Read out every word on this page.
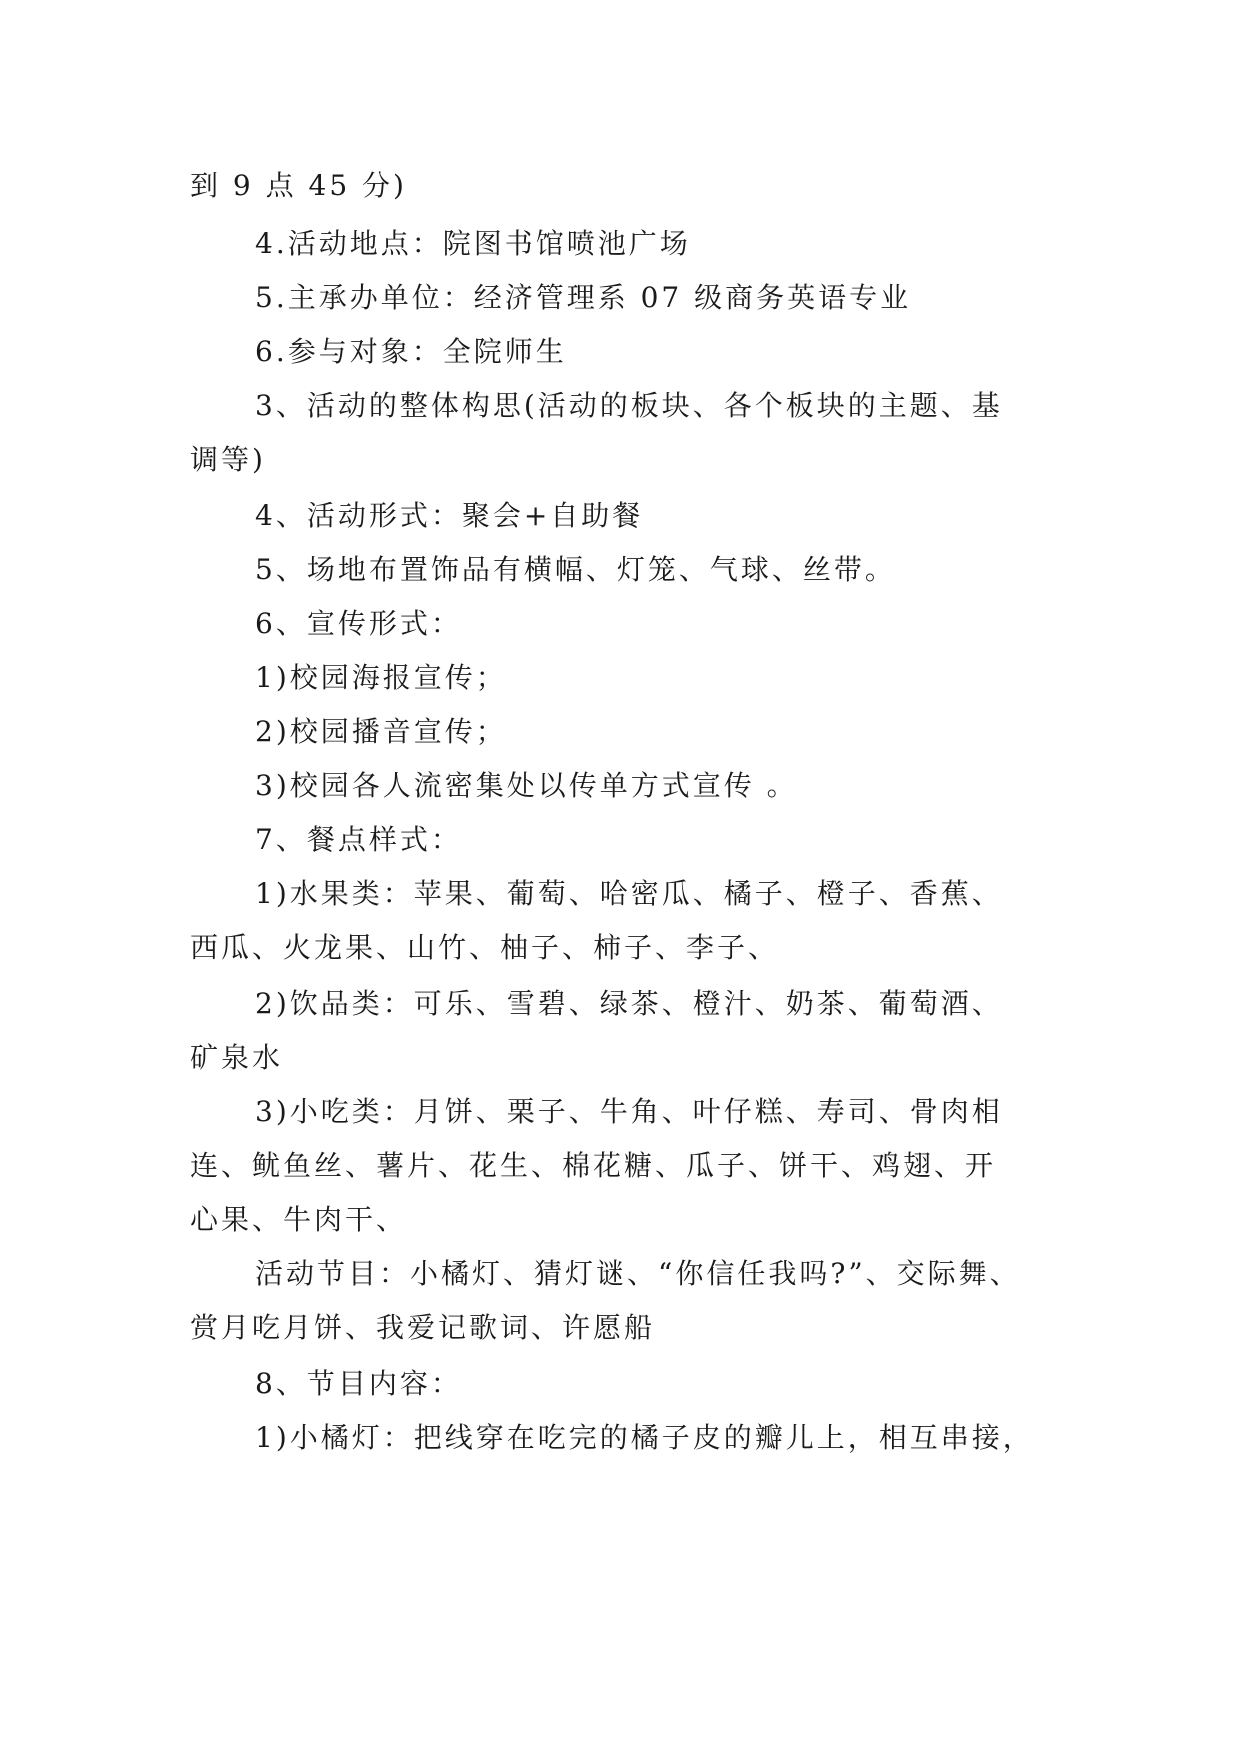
到 9 点 45 分)
4.活动地点：院图书馆喷池广场
5.主承办单位：经济管理系 07 级商务英语专业
6.参与对象：全院师生
3、活动的整体构思(活动的板块、各个板块的主题、基
调等)
4、活动形式：聚会+自助餐
5、场地布置饰品有横幅、灯笼、气球、丝带。
6、宣传形式：
1)校园海报宣传；
2)校园播音宣传；
3)校园各人流密集处以传单方式宣传 。
7、餐点样式：
1)水果类：苹果、葡萄、哈密瓜、橘子、橙子、香蕉、
西瓜、火龙果、山竹、柚子、柿子、李子、
2)饮品类：可乐、雪碧、绿茶、橙汁、奶茶、葡萄酒、
矿泉水
3)小吃类：月饼、栗子、牛角、叶仔糕、寿司、骨肉相
连、鱿鱼丝、薯片、花生、棉花糖、瓜子、饼干、鸡翅、开
心果、牛肉干、
活动节目：小橘灯、猜灯谜、“你信任我吗?”、交际舞、
赏月吃月饼、我爱记歌词、许愿船
8、节目内容：
1)小橘灯：把线穿在吃完的橘子皮的瓣儿上，相互串接，
